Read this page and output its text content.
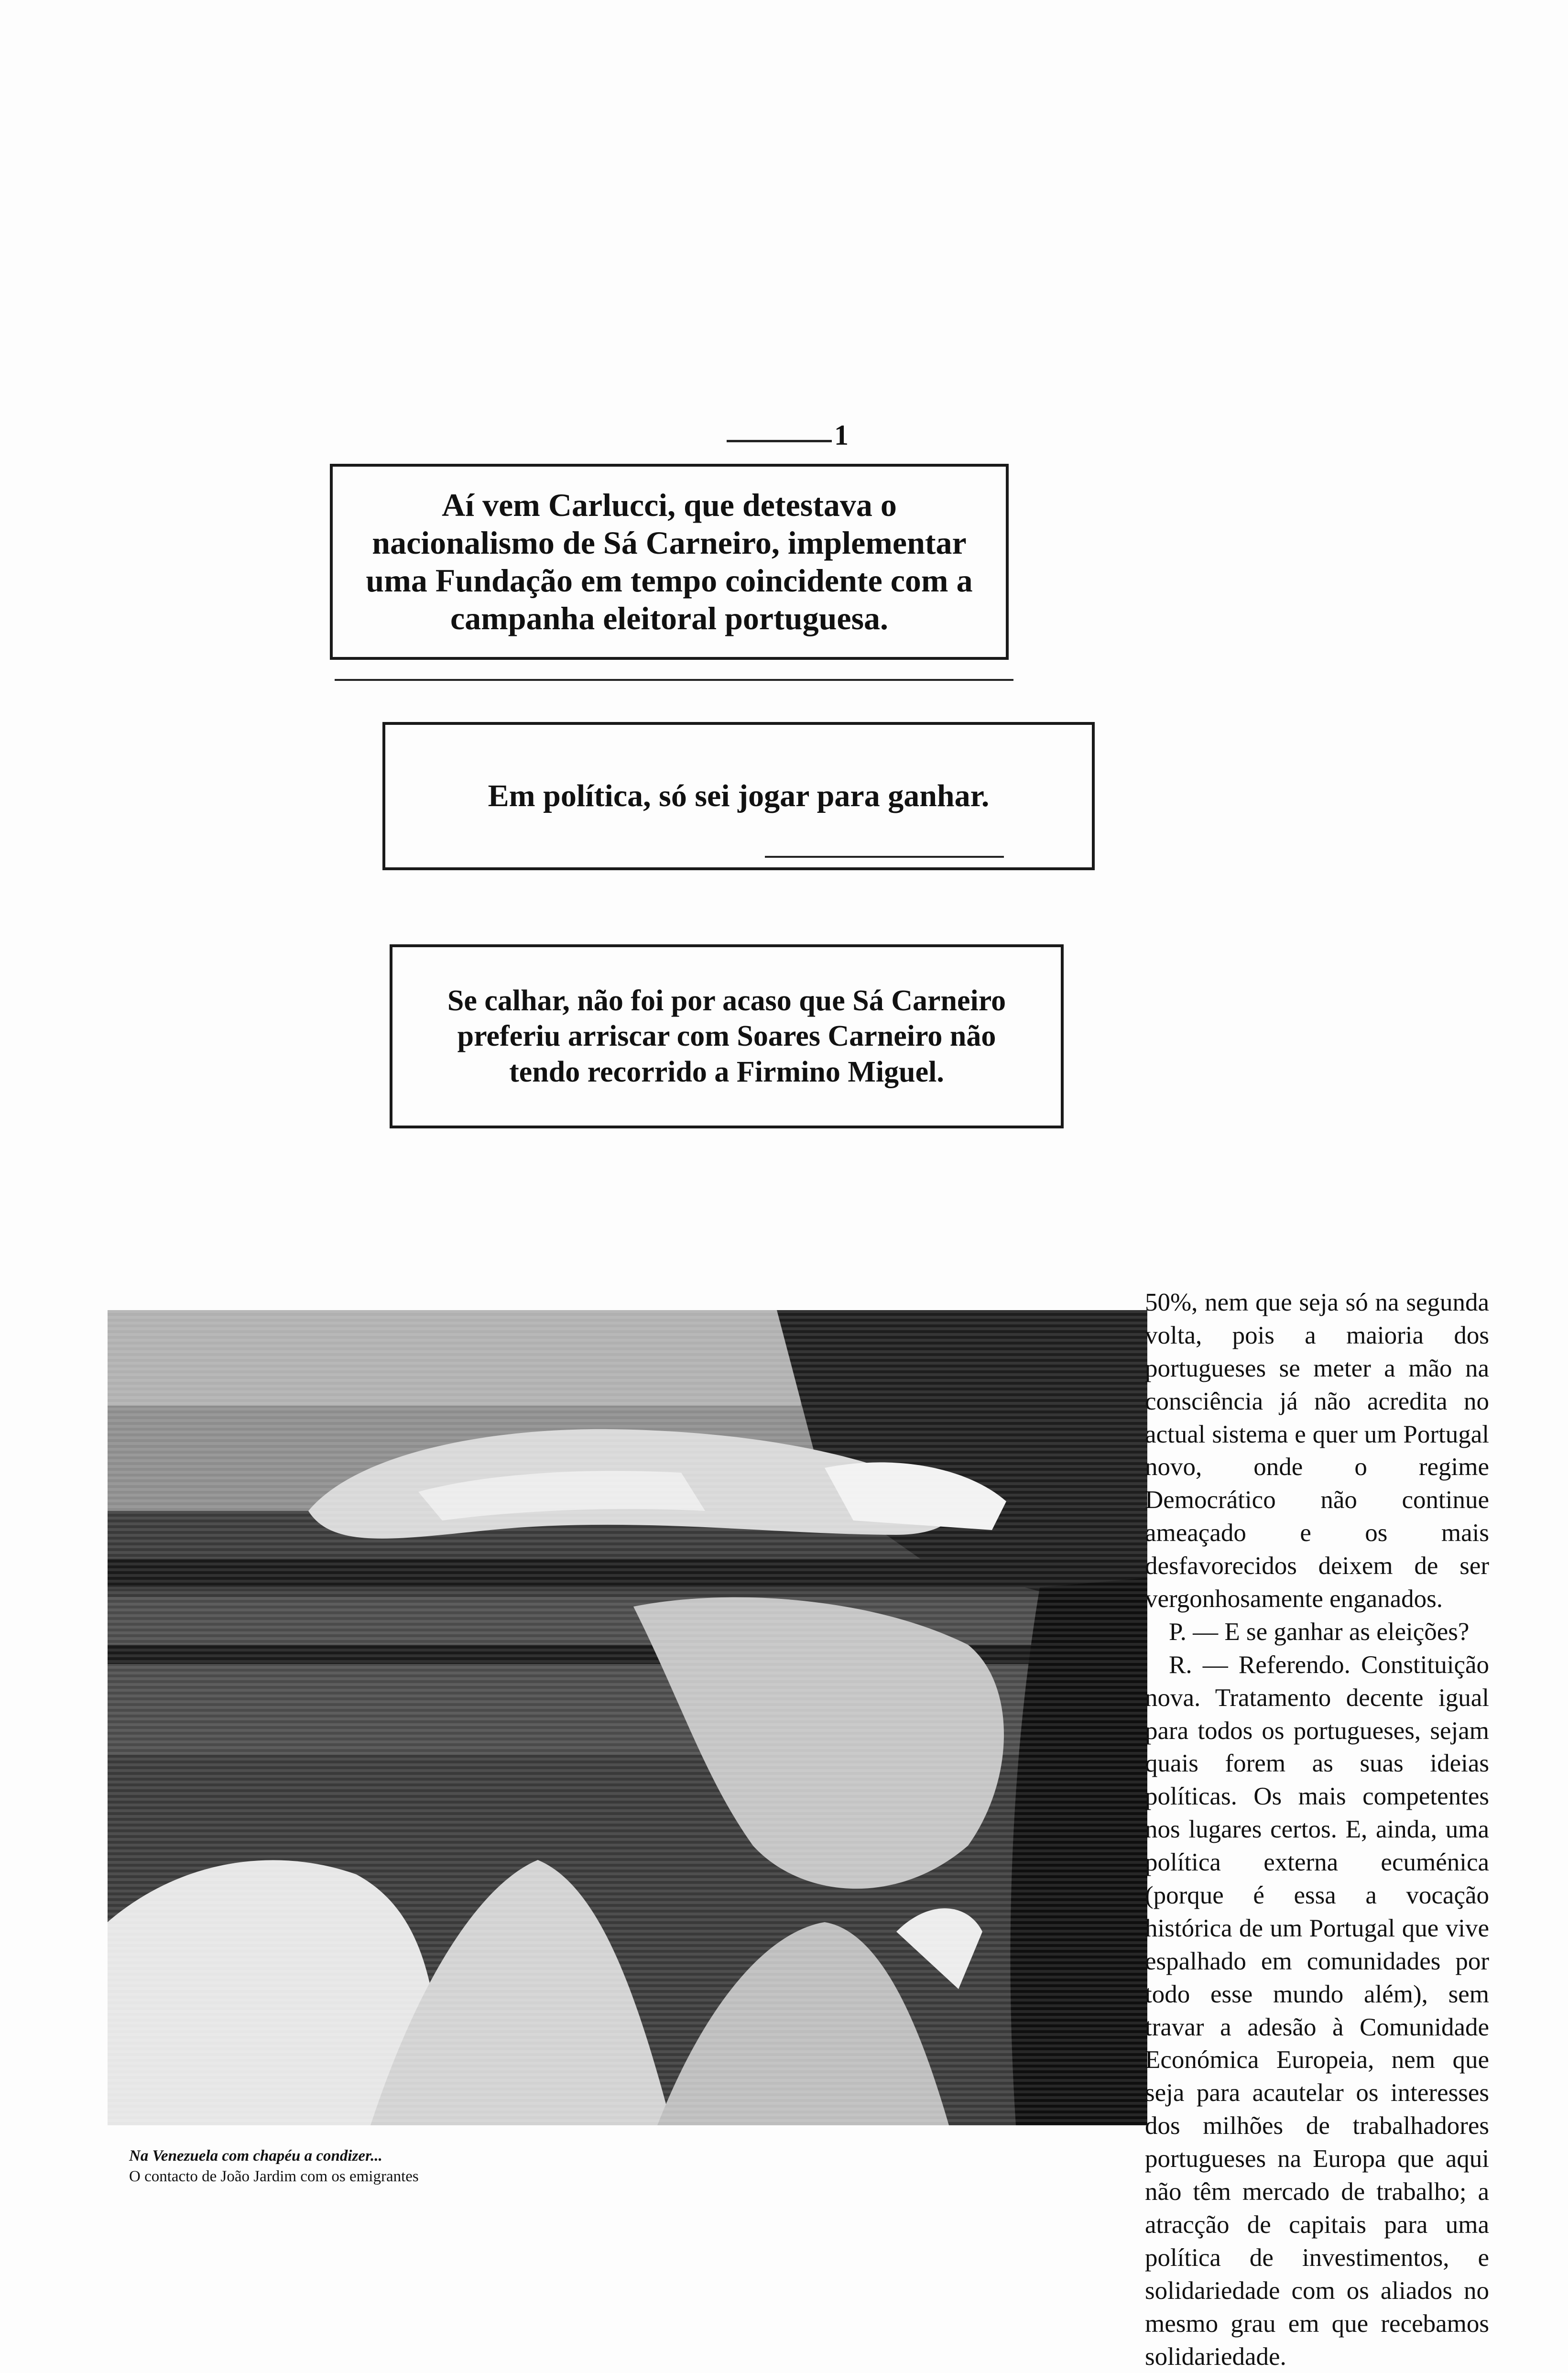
1
Aí vem Carlucci, que detestava o nacionalismo de Sá Carneiro, implementar uma Fundação em tempo coincidente com a campanha eleitoral portuguesa.
Em política, só sei jogar para ganhar.
Se calhar, não foi por acaso que Sá Carneiro preferiu arriscar com Soares Carneiro não tendo recorrido a Firmino Miguel.
Na Venezuela com chapéu a condizer...
O contacto de João Jardim com os emigrantes

50%, nem que seja só na segunda volta, pois a maioria dos portugueses se meter a mão na consciência já não acredita no actual sistema e quer um Portugal novo, onde o regime Democrático não continue ameaçado e os mais desfavorecidos deixem de ser vergonhosamente enganados.

P. — E se ganhar as eleições?

R. — Referendo. Constituição nova. Tratamento decente igual para todos os portugueses, sejam quais forem as suas ideias políticas. Os mais competentes nos lugares certos. E, ainda, uma política externa ecuménica (porque é essa a vocação histórica de um Portugal que vive espalhado em comunidades por todo esse mundo além), sem travar a adesão à Comunidade Económica Europeia, nem que seja para acautelar os interesses dos milhões de trabalhadores portugueses na Europa que aqui não têm mercado de trabalho; a atracção de capitais para uma política de investimentos, e solidariedade com os aliados no mesmo grau em que recebamos solidariedade.
